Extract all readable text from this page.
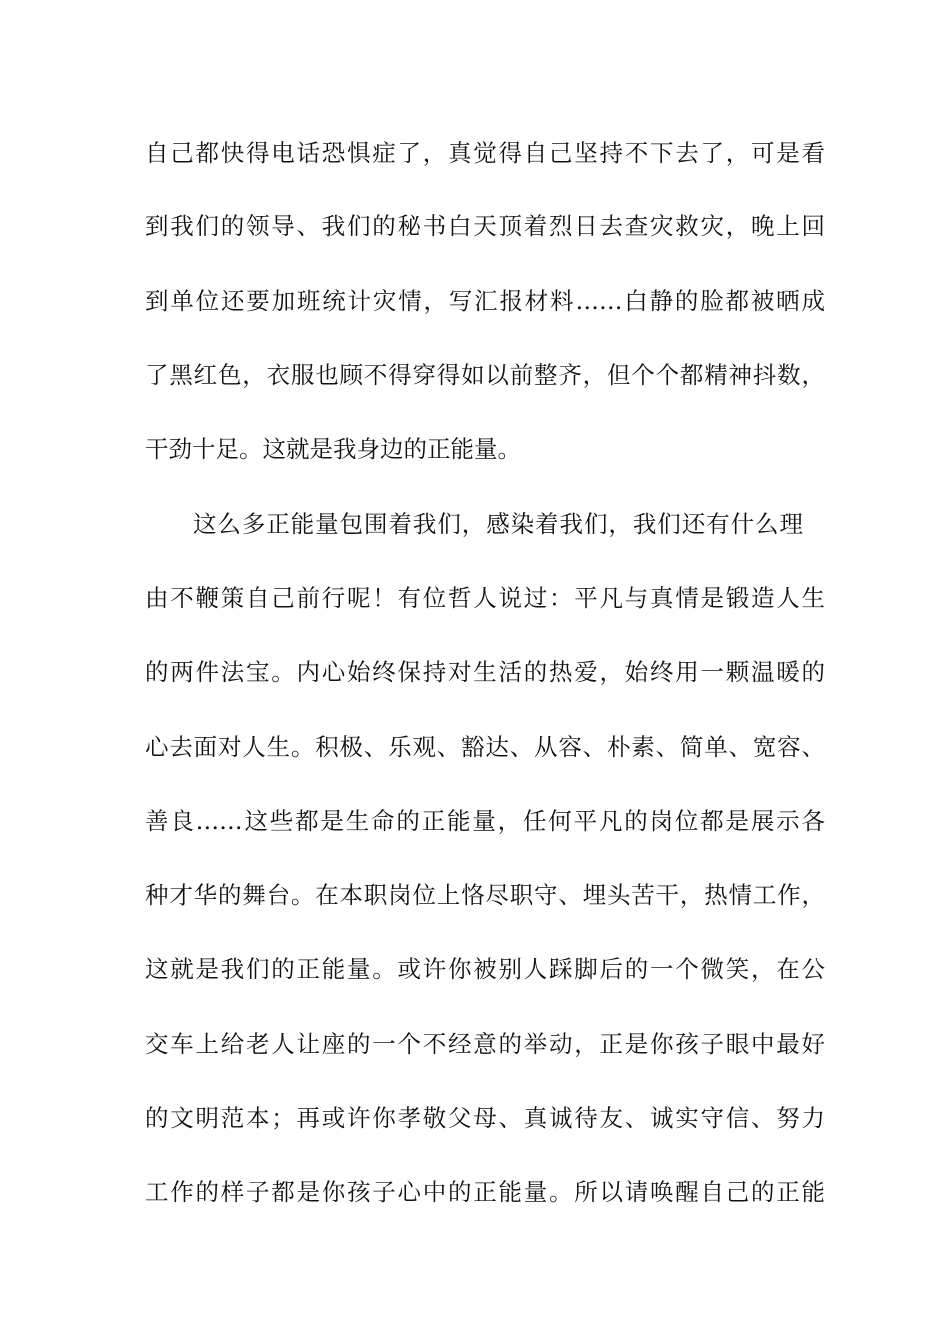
自己都快得电话恐惧症了，真觉得自己坚持不下去了，可是看
到我们的领导、我们的秘书白天顶着烈日去查灾救灾，晚上回
到单位还要加班统计灾情，写汇报材料……白静的脸都被晒成
了黑红色，衣服也顾不得穿得如以前整齐，但个个都精神抖数，
干劲十足。这就是我身边的正能量。
这么多正能量包围着我们，感染着我们，我们还有什么理
由不鞭策自己前行呢！有位哲人说过：平凡与真情是锻造人生
的两件法宝。内心始终保持对生活的热爱，始终用一颗温暖的
心去面对人生。积极、乐观、豁达、从容、朴素、简单、宽容、
善良……这些都是生命的正能量，任何平凡的岗位都是展示各
种才华的舞台。在本职岗位上恪尽职守、埋头苦干，热情工作，
这就是我们的正能量。或许你被别人踩脚后的一个微笑，在公
交车上给老人让座的一个不经意的举动，正是你孩子眼中最好
的文明范本；再或许你孝敬父母、真诚待友、诚实守信、努力
工作的样子都是你孩子心中的正能量。所以请唤醒自己的正能
